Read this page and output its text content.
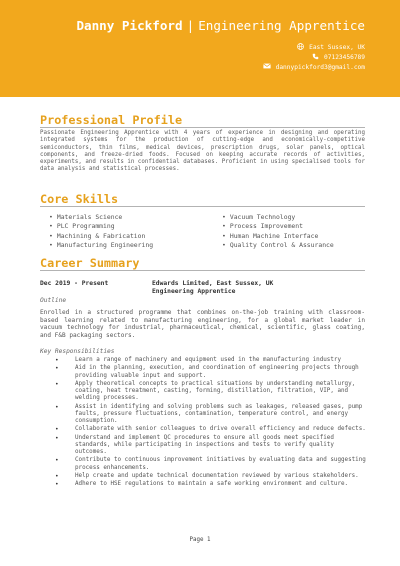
Danny Pickford | Engineering Apprentice
East Sussex, UK
07123456789
dannypickford3@gmail.com
Professional Profile
Passionate Engineering Apprentice with 4 years of experience in designing and operating integrated systems for the production of cutting-edge and economically-competitive semiconductors, thin films, medical devices, prescription drugs, solar panels, optical components, and freeze-dried foods. Focused on keeping accurate records of activities, experiments, and results in confidential databases. Proficient in using specialised tools for data analysis and statistical processes.
Core Skills
• Materials Science
• PLC Programming
• Machining & Fabrication
• Manufacturing Engineering
• Vacuum Technology
• Process Improvement
• Human Machine Interface
• Quality Control & Assurance
Career Summary
Dec 2019 - Present	Edwards Limited, East Sussex, UK
Engineering Apprentice
Outline
Enrolled in a structured programme that combines on-the-job training with classroom-based learning related to manufacturing engineering, for a global market leader in vacuum technology for industrial, pharmaceutical, chemical, scientific, glass coating, and F&B packaging sectors.
Key Responsibilities
• Learn a range of machinery and equipment used in the manufacturing industry
• Aid in the planning, execution, and coordination of engineering projects through providing valuable input and support.
• Apply theoretical concepts to practical situations by understanding metallurgy, coating, heat treatment, casting, forming, distillation, filtration, VIP, and welding processes.
• Assist in identifying and solving problems such as leakages, released gases, pump faults, pressure fluctuations, contamination, temperature control, and energy consumption.
• Collaborate with senior colleagues to drive overall efficiency and reduce defects.
• Understand and implement QC procedures to ensure all goods meet specified standards, while participating in inspections and tests to verify quality outcomes.
• Contribute to continuous improvement initiatives by evaluating data and suggesting process enhancements.
• Help create and update technical documentation reviewed by various stakeholders.
• Adhere to HSE regulations to maintain a safe working environment and culture.
Page 1
